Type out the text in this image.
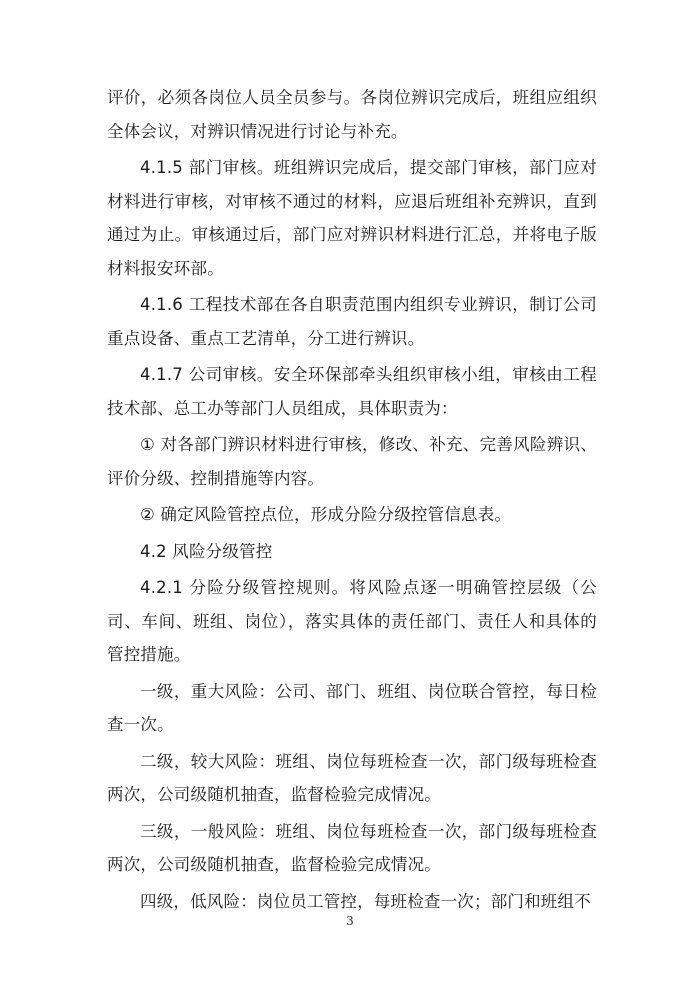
评价，必须各岗位人员全员参与。各岗位辨识完成后，班组应组织全体会议，对辨识情况进行讨论与补充。

4.1.5 部门审核。班组辨识完成后，提交部门审核，部门应对材料进行审核，对审核不通过的材料，应退后班组补充辨识，直到通过为止。审核通过后，部门应对辨识材料进行汇总，并将电子版材料报安环部。

4.1.6 工程技术部在各自职责范围内组织专业辨识，制订公司重点设备、重点工艺清单，分工进行辨识。

4.1.7 公司审核。安全环保部牵头组织审核小组，审核由工程技术部、总工办等部门人员组成，具体职责为：

① 对各部门辨识材料进行审核，修改、补充、完善风险辨识、评价分级、控制措施等内容。

② 确定风险管控点位，形成分险分级控管信息表。

4.2 风险分级管控

4.2.1 分险分级管控规则。将风险点逐一明确管控层级（公司、车间、班组、岗位），落实具体的责任部门、责任人和具体的管控措施。

一级，重大风险：公司、部门、班组、岗位联合管控，每日检查一次。

二级，较大风险：班组、岗位每班检查一次，部门级每班检查两次，公司级随机抽查，监督检验完成情况。

三级，一般风险：班组、岗位每班检查一次，部门级每班检查两次，公司级随机抽查，监督检验完成情况。

四级，低风险：岗位员工管控，每班检查一次；部门和班组不

3
